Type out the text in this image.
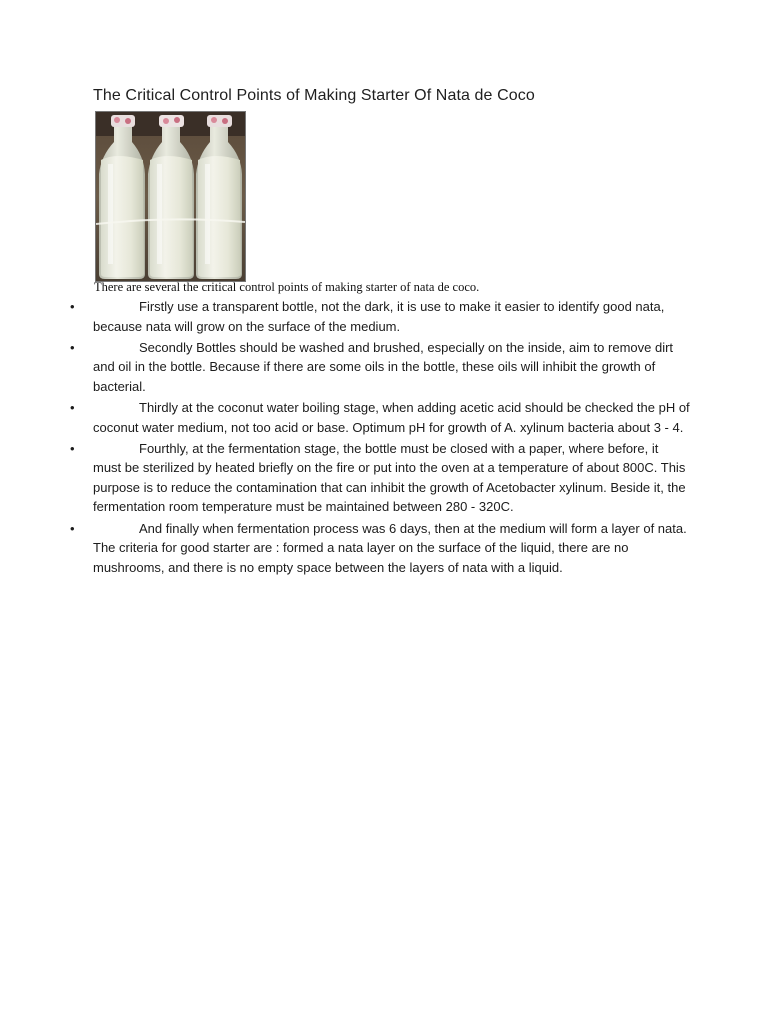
The Critical Control Points of Making Starter Of Nata de Coco
There are several the critical control points of making starter of nata de coco.
•	Firstly use a transparent bottle, not the dark, it is use to make it easier to identify good nata, because nata will grow on the surface of the medium.
•	Secondly Bottles should be washed and brushed, especially on the inside, aim to remove dirt and oil in the bottle. Because if there are some oils in the bottle, these oils will inhibit the growth of bacterial.
•	Thirdly at the coconut water boiling stage, when adding acetic acid should be checked the pH of coconut water medium, not too acid or base. Optimum pH for growth of A. xylinum bacteria about 3 - 4.
•	Fourthly, at the fermentation stage, the bottle must be closed with a paper, where before, it must be sterilized by heated briefly on the fire or put into the oven at a temperature of about 800C. This purpose is to reduce the contamination that can inhibit the growth of Acetobacter xylinum. Beside it, the fermentation room temperature must be maintained between 280 - 320C.
•	And finally when fermentation process was 6 days, then at the medium will form a layer of nata. The criteria for good starter are : formed a nata layer on the surface of the liquid, there are no mushrooms, and there is no empty space between the layers of nata with a liquid.
